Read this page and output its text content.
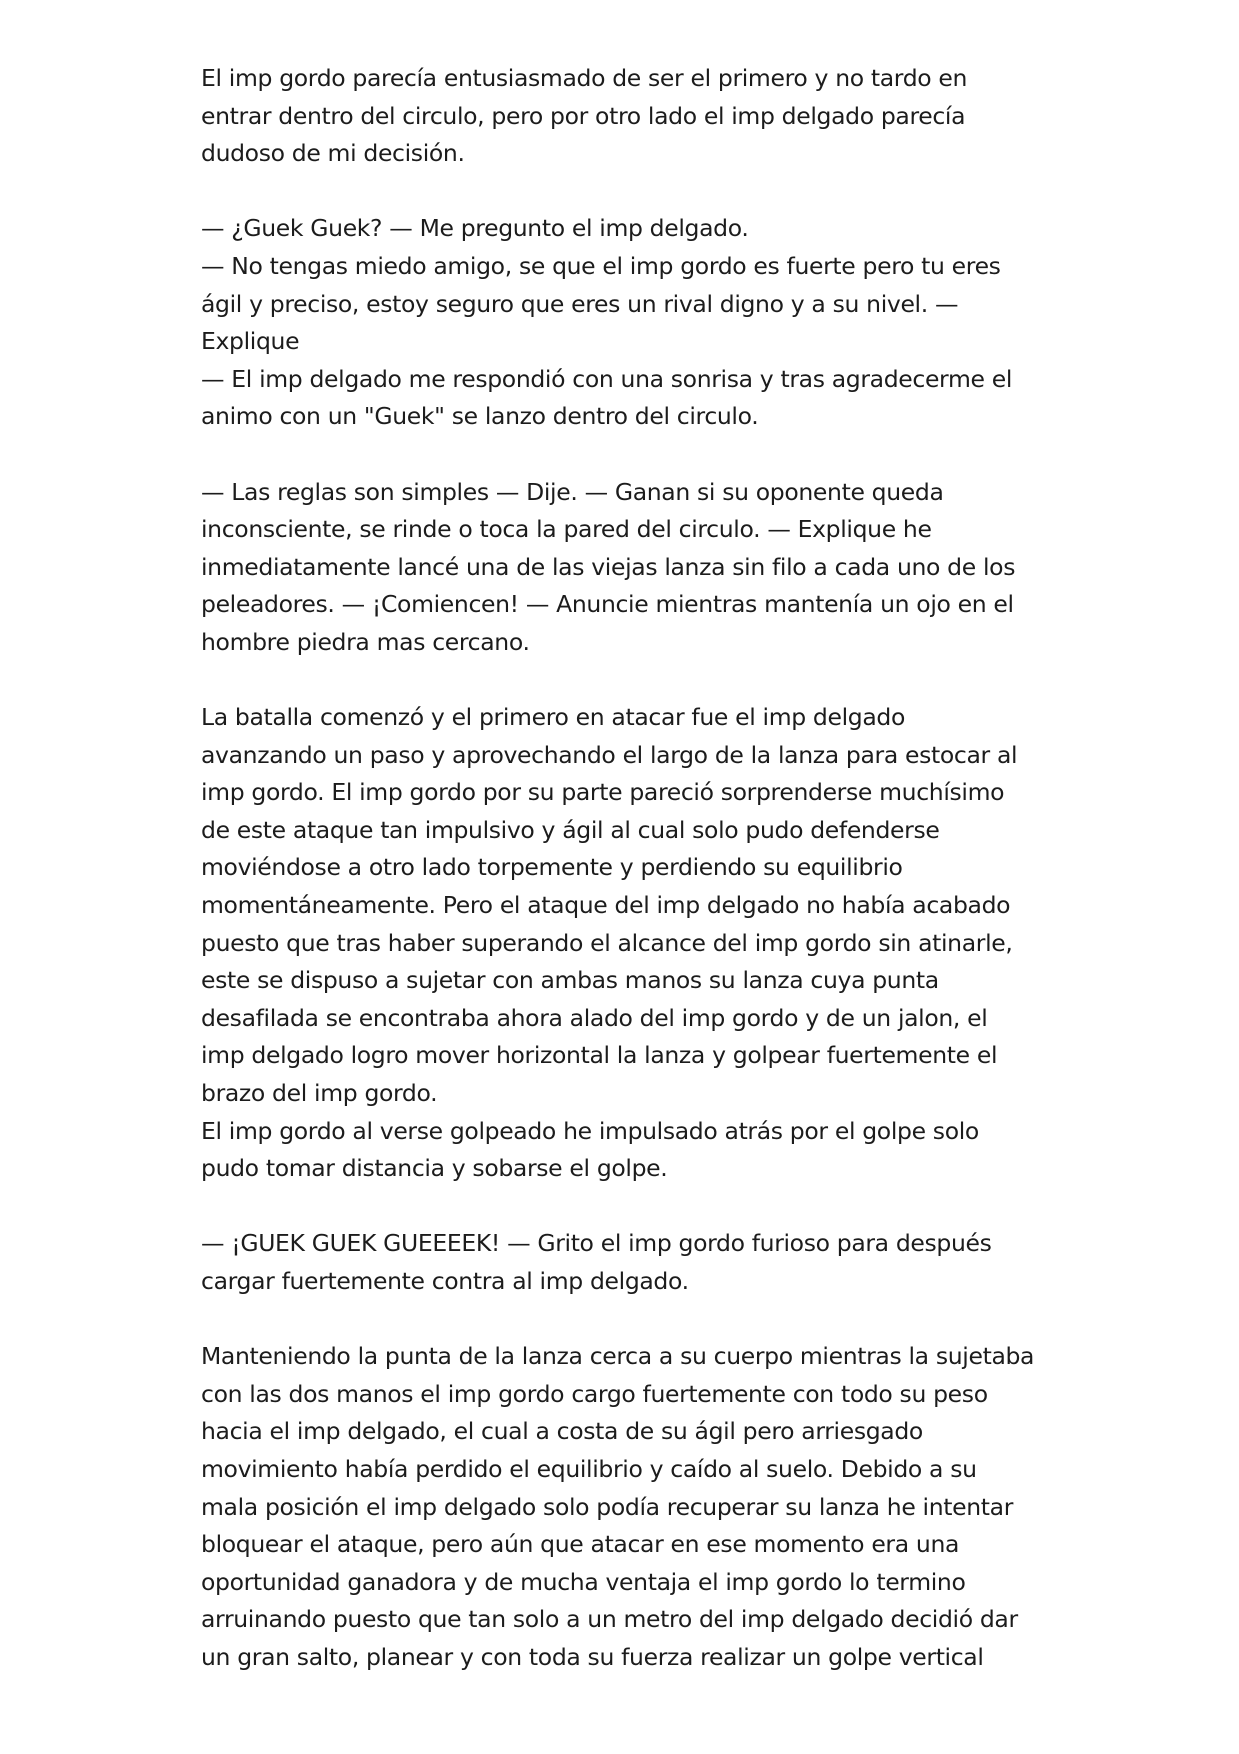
El imp gordo parecía entusiasmado de ser el primero y no tardo en
entrar dentro del circulo, pero por otro lado el imp delgado parecía
dudoso de mi decisión.
— ¿Guek Guek? — Me pregunto el imp delgado.
— No tengas miedo amigo, se que el imp gordo es fuerte pero tu eres
ágil y preciso, estoy seguro que eres un rival digno y a su nivel. —
Explique
— El imp delgado me respondió con una sonrisa y tras agradecerme el
animo con un "Guek" se lanzo dentro del circulo.
— Las reglas son simples — Dije. — Ganan si su oponente queda
inconsciente, se rinde o toca la pared del circulo. — Explique he
inmediatamente lancé una de las viejas lanza sin filo a cada uno de los
peleadores. — ¡Comiencen! — Anuncie mientras mantenía un ojo en el
hombre piedra mas cercano.
La batalla comenzó y el primero en atacar fue el imp delgado
avanzando un paso y aprovechando el largo de la lanza para estocar al
imp gordo. El imp gordo por su parte pareció sorprenderse muchísimo
de este ataque tan impulsivo y ágil al cual solo pudo defenderse
moviéndose a otro lado torpemente y perdiendo su equilibrio
momentáneamente. Pero el ataque del imp delgado no había acabado
puesto que tras haber superando el alcance del imp gordo sin atinarle,
este se dispuso a sujetar con ambas manos su lanza cuya punta
desafilada se encontraba ahora alado del imp gordo y de un jalon, el
imp delgado logro mover horizontal la lanza y golpear fuertemente el
brazo del imp gordo.
El imp gordo al verse golpeado he impulsado atrás por el golpe solo
pudo tomar distancia y sobarse el golpe.
— ¡GUEK GUEK GUEEEEK! — Grito el imp gordo furioso para después
cargar fuertemente contra al imp delgado.
Manteniendo la punta de la lanza cerca a su cuerpo mientras la sujetaba
con las dos manos el imp gordo cargo fuertemente con todo su peso
hacia el imp delgado, el cual a costa de su ágil pero arriesgado
movimiento había perdido el equilibrio y caído al suelo. Debido a su
mala posición el imp delgado solo podía recuperar su lanza he intentar
bloquear el ataque, pero aún que atacar en ese momento era una
oportunidad ganadora y de mucha ventaja el imp gordo lo termino
arruinando puesto que tan solo a un metro del imp delgado decidió dar
un gran salto, planear y con toda su fuerza realizar un golpe vertical
